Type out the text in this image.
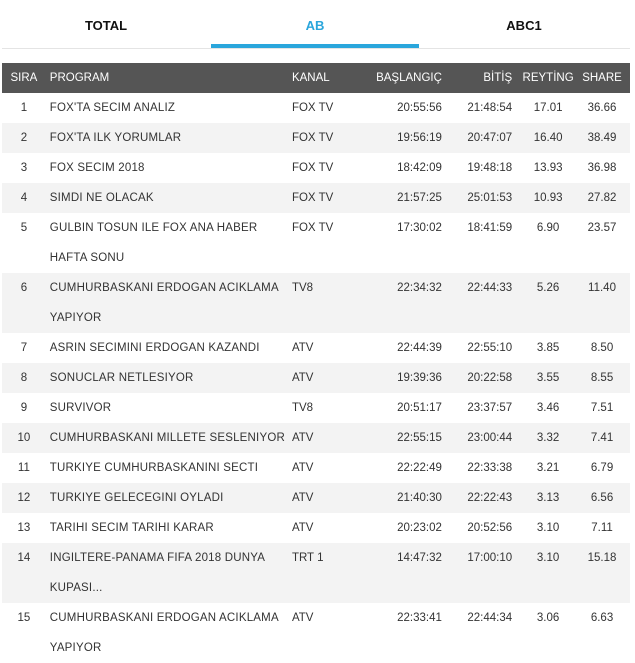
TOTAL	AB	ABC1
SIRA	PROGRAM	KANAL	BAŞLANGIÇ	BİTİŞ	REYTİNG	SHARE
1	FOX'TA SECIM ANALIZ	FOX TV	20:55:56	21:48:54	17.01	36.66
2	FOX'TA ILK YORUMLAR	FOX TV	19:56:19	20:47:07	16.40	38.49
3	FOX SECIM 2018	FOX TV	18:42:09	19:48:18	13.93	36.98
4	SIMDI NE OLACAK	FOX TV	21:57:25	25:01:53	10.93	27.82
5	GULBIN TOSUN ILE FOX ANA HABER HAFTA SONU	FOX TV	17:30:02	18:41:59	6.90	23.57
6	CUMHURBASKANI ERDOGAN ACIKLAMA YAPIYOR	TV8	22:34:32	22:44:33	5.26	11.40
7	ASRIN SECIMINI ERDOGAN KAZANDI	ATV	22:44:39	22:55:10	3.85	8.50
8	SONUCLAR NETLESIYOR	ATV	19:39:36	20:22:58	3.55	8.55
9	SURVIVOR	TV8	20:51:17	23:37:57	3.46	7.51
10	CUMHURBASKANI MILLETE SESLENIYOR	ATV	22:55:15	23:00:44	3.32	7.41
11	TURKIYE CUMHURBASKANINI SECTI	ATV	22:22:49	22:33:38	3.21	6.79
12	TURKIYE GELECEGINI OYLADI	ATV	21:40:30	22:22:43	3.13	6.56
13	TARIHI SECIM TARIHI KARAR	ATV	20:23:02	20:52:56	3.10	7.11
14	INGILTERE-PANAMA FIFA 2018 DUNYA KUPASI...	TRT 1	14:47:32	17:00:10	3.10	15.18
15	CUMHURBASKANI ERDOGAN ACIKLAMA YAPIYOR	ATV	22:33:41	22:44:34	3.06	6.63
